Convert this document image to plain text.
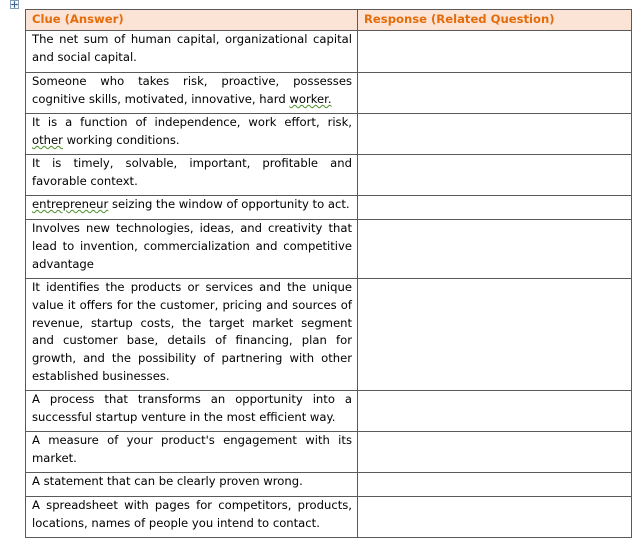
Clue (Answer)	Response (Related Question)
The net sum of human capital, organizational capital and social capital.	
Someone who takes risk, proactive, possesses cognitive skills, motivated, innovative, hard worker.	
It is a function of independence, work effort, risk, other working conditions.	
It is timely, solvable, important, profitable and favorable context.	
entrepreneur seizing the window of opportunity to act.	
Involves new technologies, ideas, and creativity that lead to invention, commercialization and competitive advantage	
It identifies the products or services and the unique value it offers for the customer, pricing and sources of revenue, startup costs, the target market segment and customer base, details of financing, plan for growth, and the possibility of partnering with other established businesses.	
A process that transforms an opportunity into a successful startup venture in the most efficient way.	
A measure of your product's engagement with its market.	
A statement that can be clearly proven wrong.	
A spreadsheet with pages for competitors, products, locations, names of people you intend to contact.	
